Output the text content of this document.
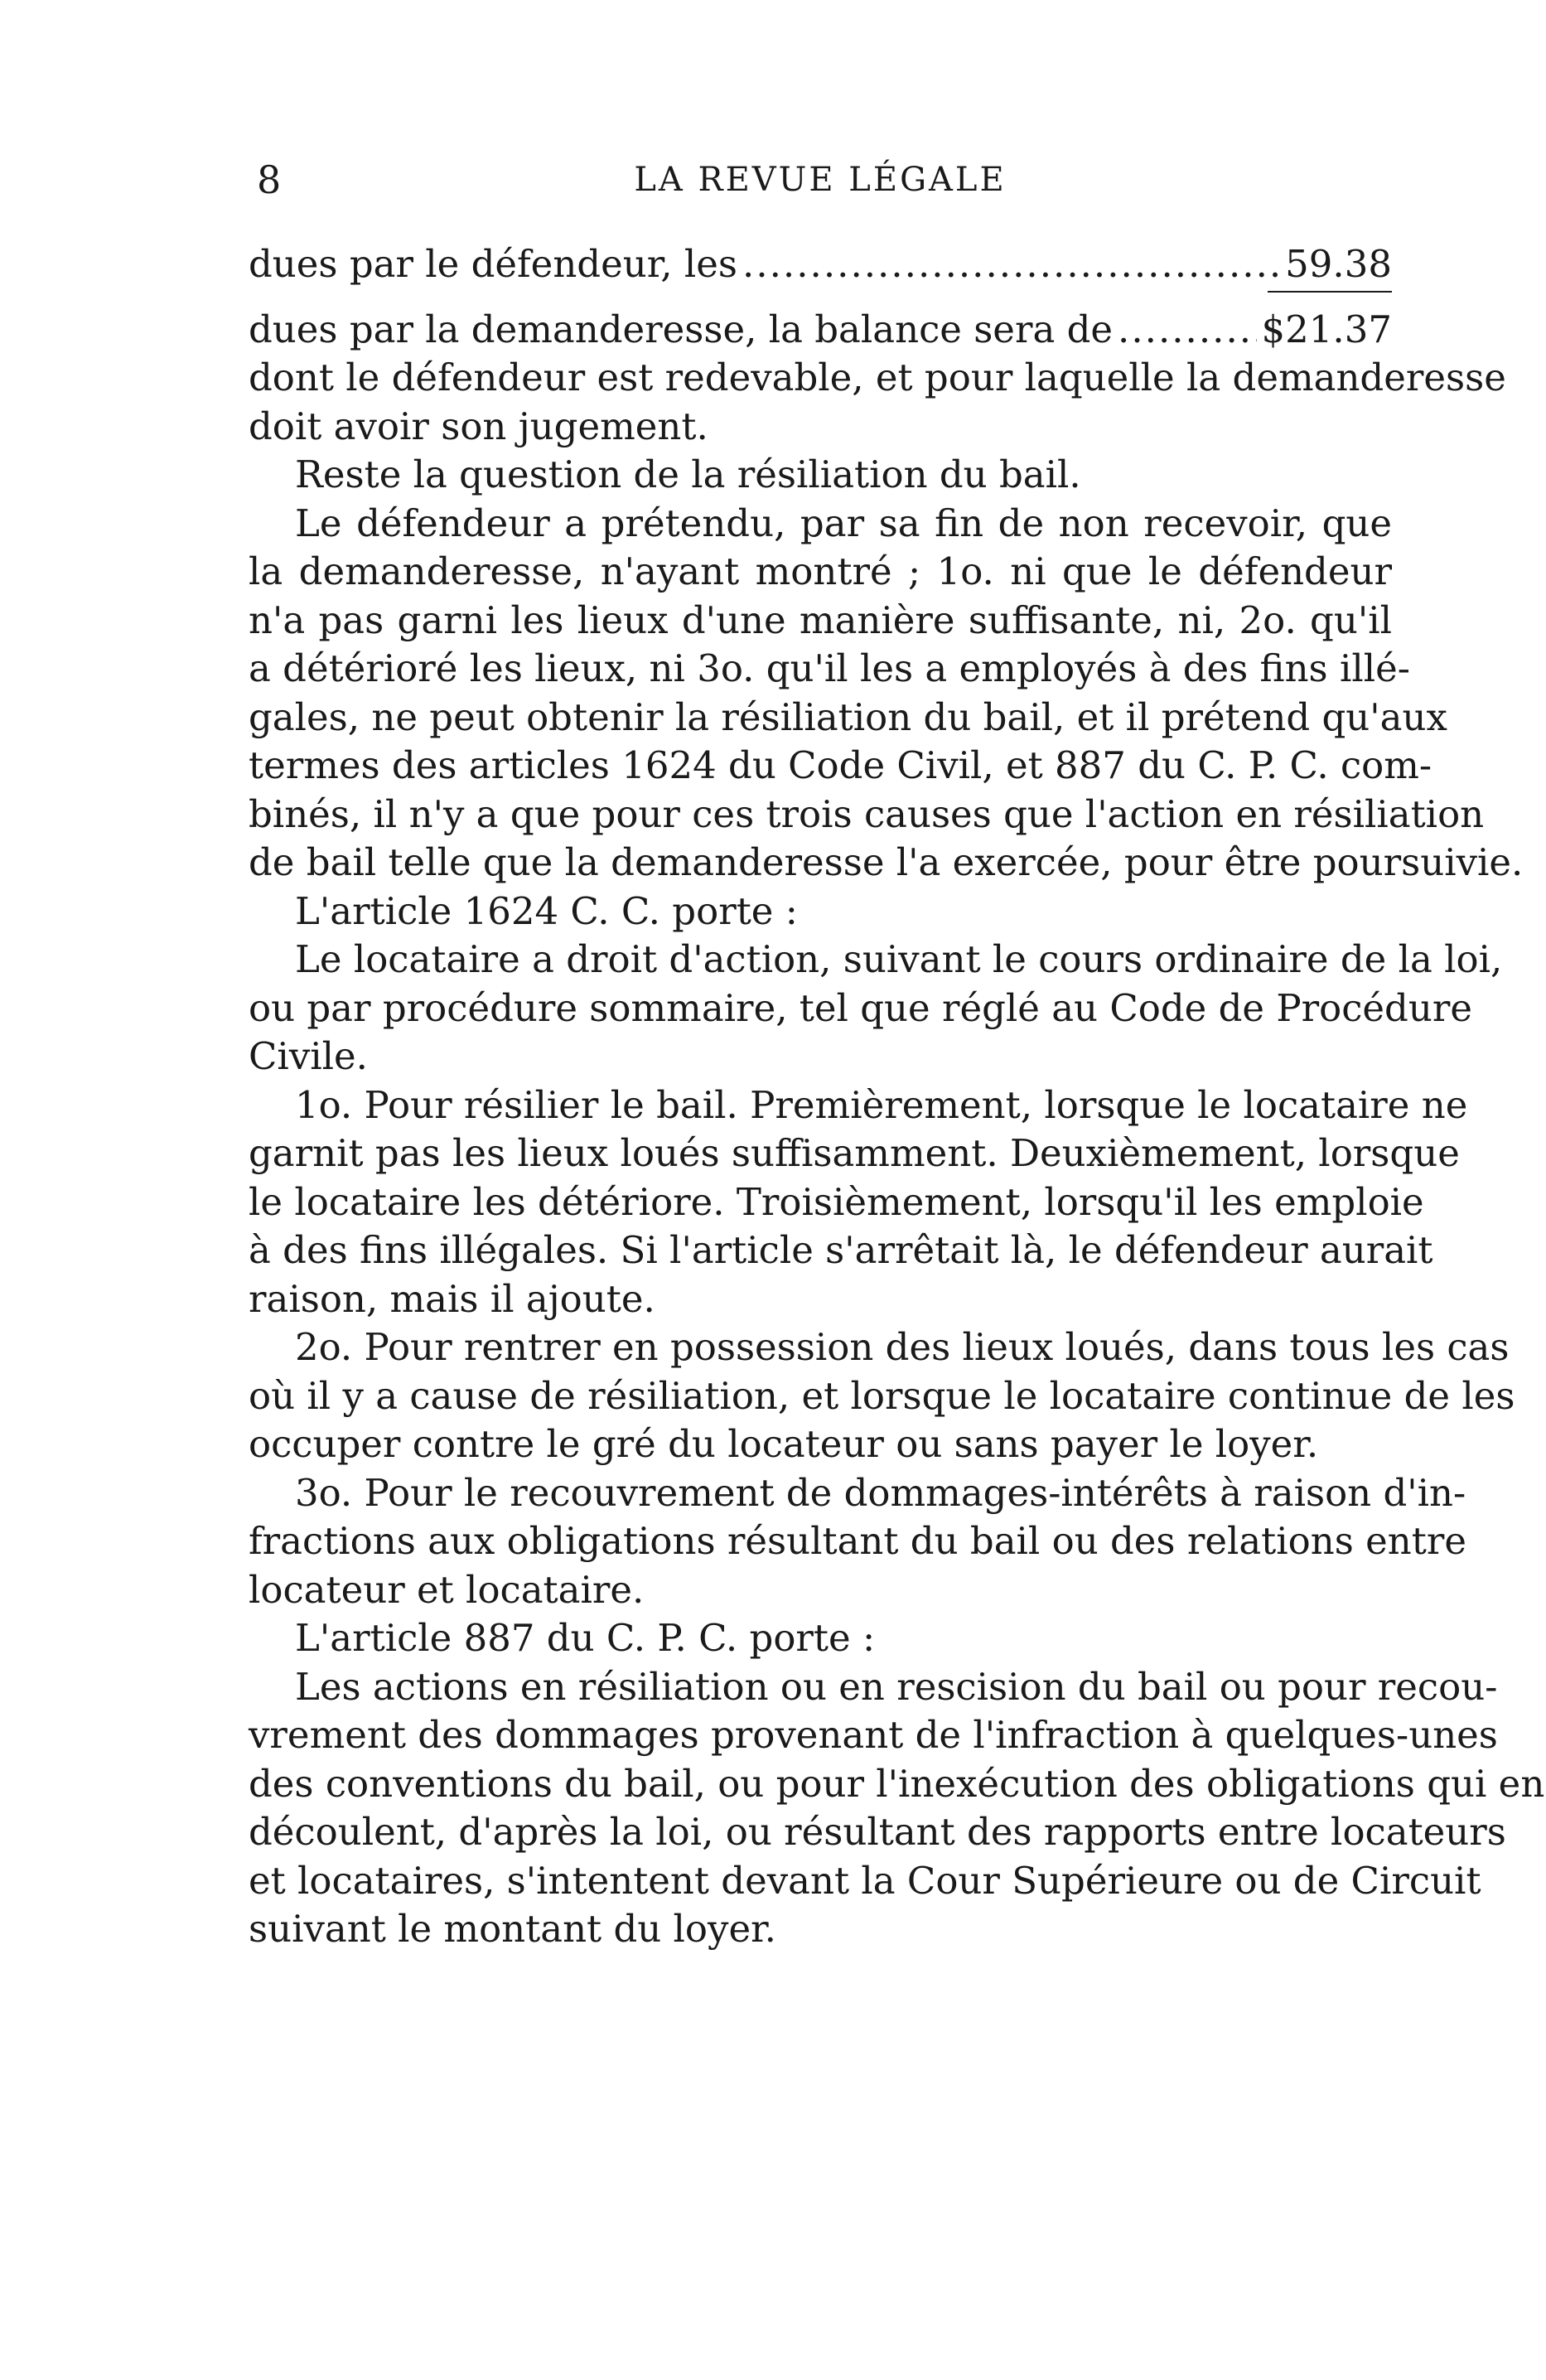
8	LA REVUE LÉGALE
dues par le défendeur, les .....	59.38
dues par la demanderesse, la balance sera de .....	$21.37
dont le défendeur est redevable, et pour laquelle la demanderesse
doit avoir son jugement.
Reste la question de la résiliation du bail.
Le défendeur a prétendu, par sa fin de non recevoir, que
la demanderesse, n'ayant montré ; 1o. ni que le défendeur
n'a pas garni les lieux d'une manière suffisante, ni, 2o. qu'il
a détérioré les lieux, ni 3o. qu'il les a employés à des fins illé-
gales, ne peut obtenir la résiliation du bail, et il prétend qu'aux
termes des articles 1624 du Code Civil, et 887 du C. P. C. com-
binés, il n'y a que pour ces trois causes que l'action en résiliation
de bail telle que la demanderesse l'a exercée, pour être poursuivie.
L'article 1624 C. C. porte :
Le locataire a droit d'action, suivant le cours ordinaire de la loi,
ou par procédure sommaire, tel que réglé au Code de Procédure
Civile.
1o. Pour résilier le bail. Premièrement, lorsque le locataire ne
garnit pas les lieux loués suffisamment. Deuxièmement, lorsque
le locataire les détériore. Troisièmement, lorsqu'il les emploie
à des fins illégales. Si l'article s'arrêtait là, le défendeur aurait
raison, mais il ajoute.
2o. Pour rentrer en possession des lieux loués, dans tous les cas
où il y a cause de résiliation, et lorsque le locataire continue de les
occuper contre le gré du locateur ou sans payer le loyer.
3o. Pour le recouvrement de dommages-intérêts à raison d'in-
fractions aux obligations résultant du bail ou des relations entre
locateur et locataire.
L'article 887 du C. P. C. porte :
Les actions en résiliation ou en rescision du bail ou pour recou-
vrement des dommages provenant de l'infraction à quelques-unes
des conventions du bail, ou pour l'inexécution des obligations qui en
découlent, d'après la loi, ou résultant des rapports entre locateurs
et locataires, s'intentent devant la Cour Supérieure ou de Circuit
suivant le montant du loyer.
